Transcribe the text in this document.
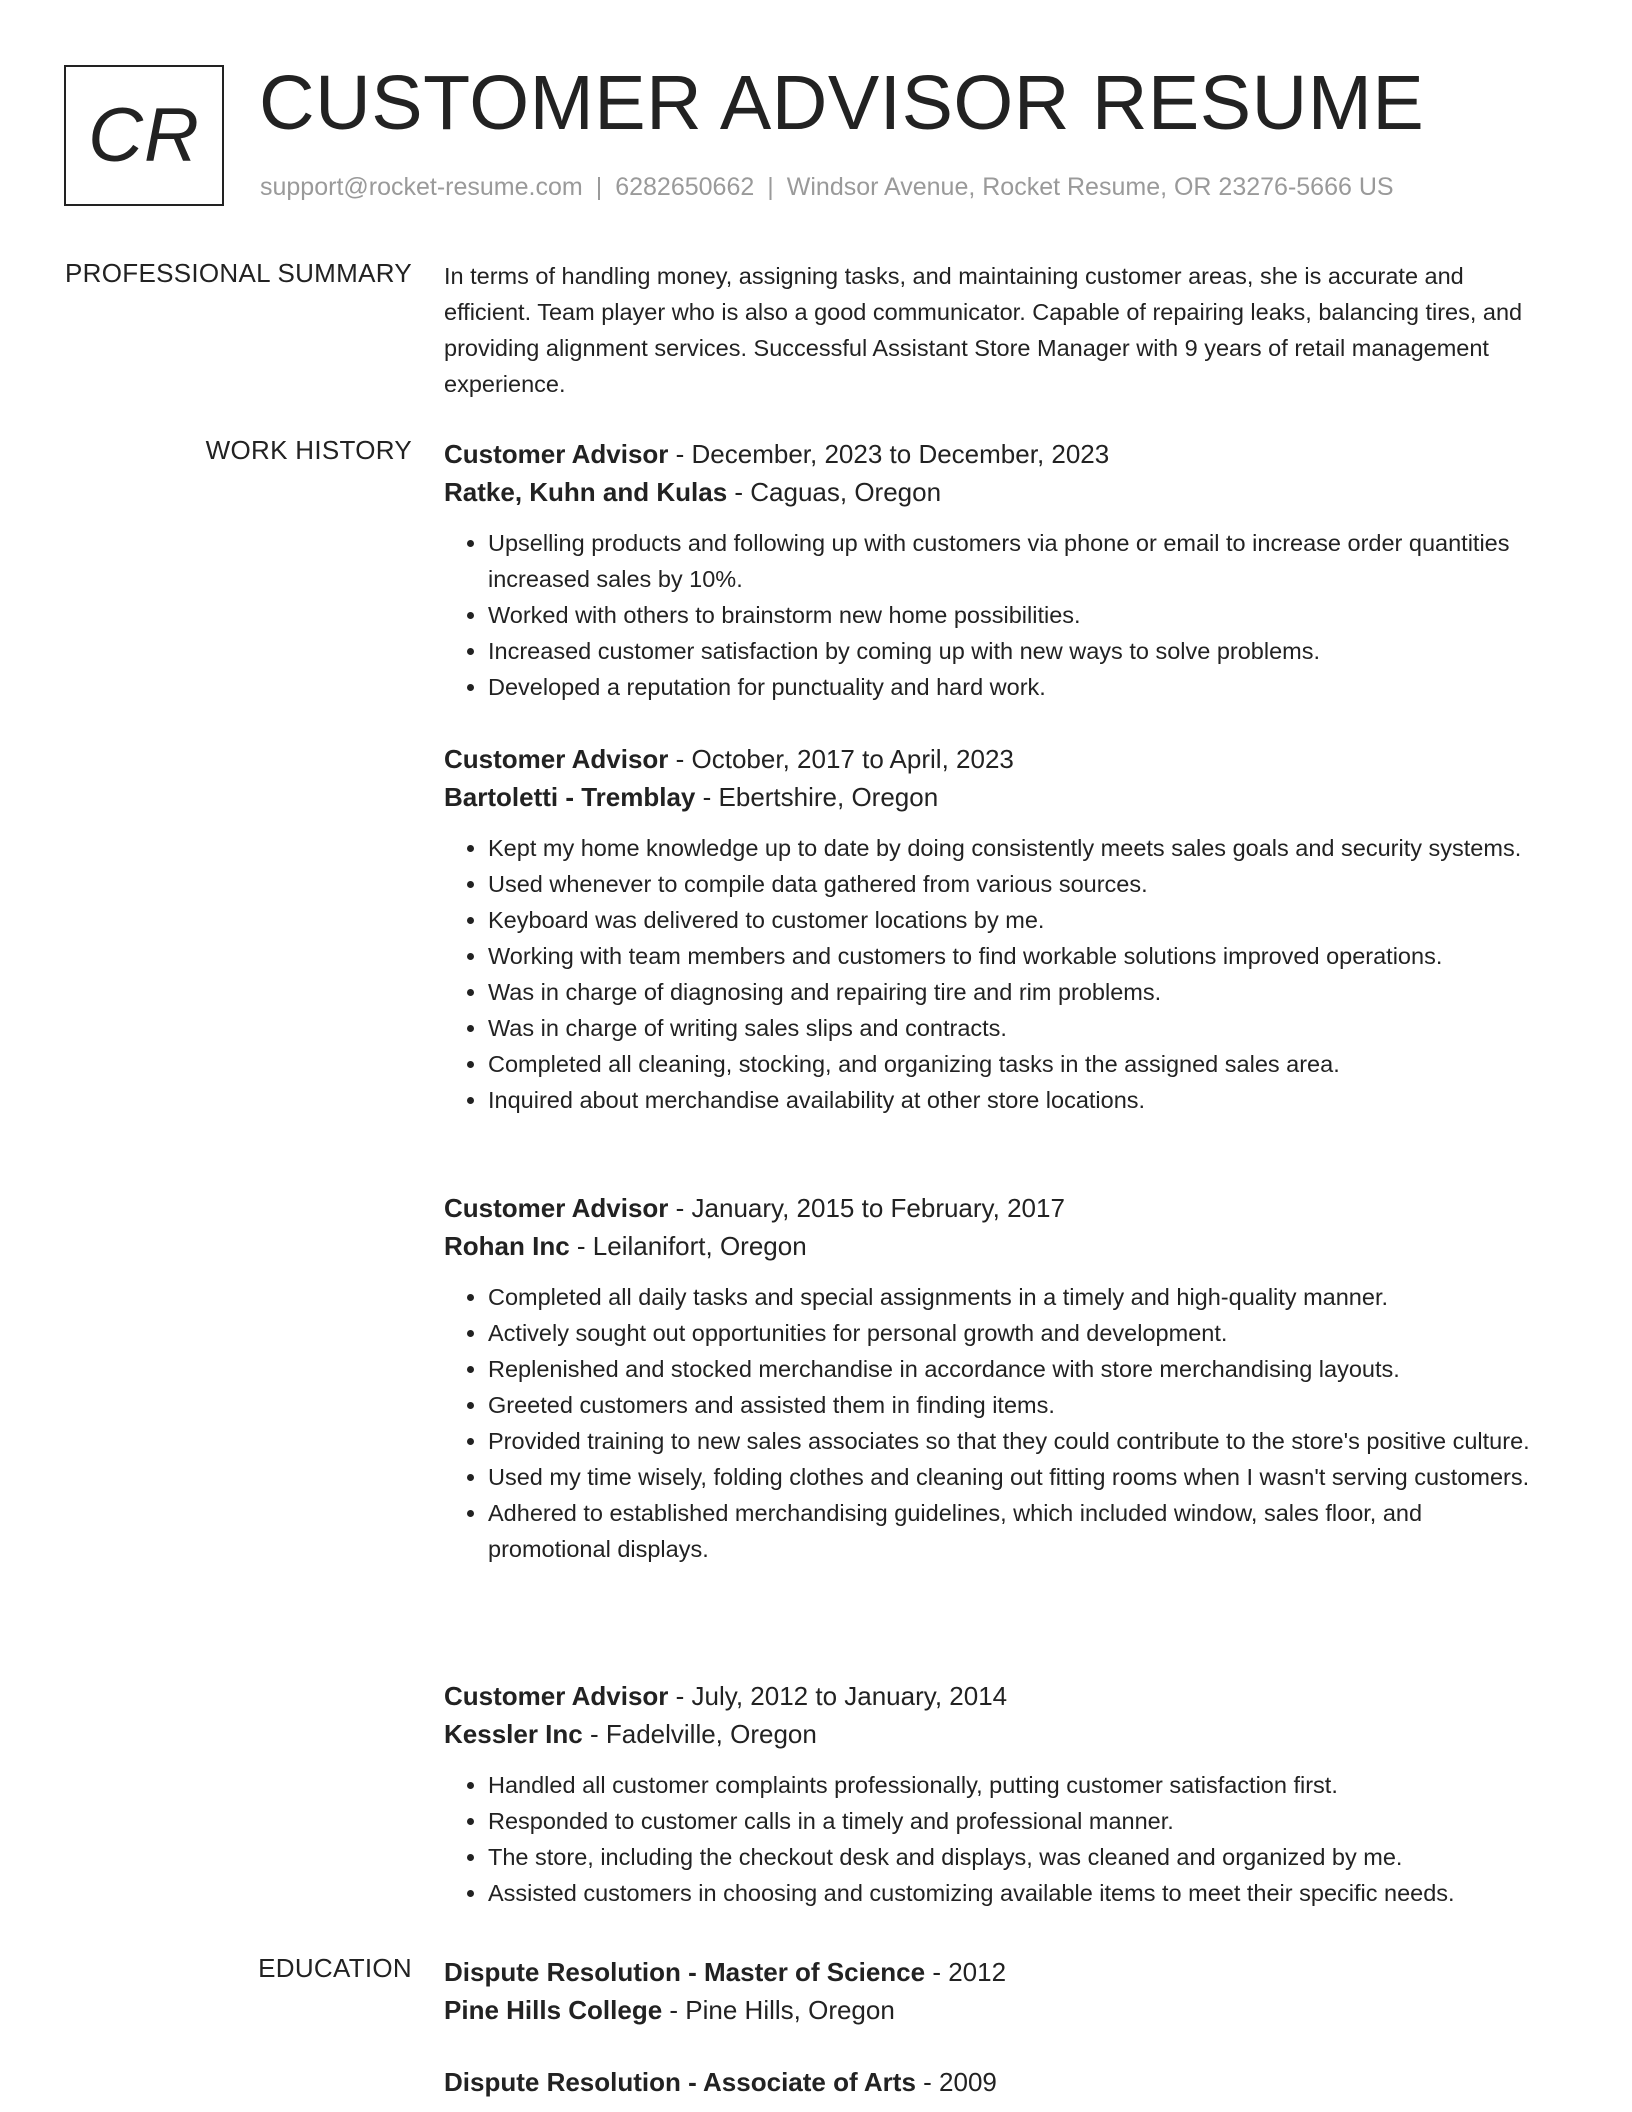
CR CUSTOMER ADVISOR RESUME
support@rocket-resume.com | 6282650662 | Windsor Avenue, Rocket Resume, OR 23276-5666 US
PROFESSIONAL SUMMARY In terms of handling money, assigning tasks, and maintaining customer areas, she is accurate and efficient. Team player who is also a good communicator. Capable of repairing leaks, balancing tires, and providing alignment services. Successful Assistant Store Manager with 9 years of retail management experience.

WORK HISTORY Customer Advisor - December, 2023 to December, 2023
Ratke, Kuhn and Kulas - Caguas, Oregon
• Upselling products and following up with customers via phone or email to increase order quantities increased sales by 10%.
• Worked with others to brainstorm new home possibilities.
• Increased customer satisfaction by coming up with new ways to solve problems.
• Developed a reputation for punctuality and hard work.
Customer Advisor - October, 2017 to April, 2023
Bartoletti - Tremblay - Ebertshire, Oregon
• Kept my home knowledge up to date by doing consistently meets sales goals and security systems.
• Used whenever to compile data gathered from various sources.
• Keyboard was delivered to customer locations by me.
• Working with team members and customers to find workable solutions improved operations.
• Was in charge of diagnosing and repairing tire and rim problems.
• Was in charge of writing sales slips and contracts.
• Completed all cleaning, stocking, and organizing tasks in the assigned sales area.
• Inquired about merchandise availability at other store locations.
Customer Advisor - January, 2015 to February, 2017
Rohan Inc - Leilanifort, Oregon
• Completed all daily tasks and special assignments in a timely and high-quality manner.
• Actively sought out opportunities for personal growth and development.
• Replenished and stocked merchandise in accordance with store merchandising layouts.
• Greeted customers and assisted them in finding items.
• Provided training to new sales associates so that they could contribute to the store's positive culture.
• Used my time wisely, folding clothes and cleaning out fitting rooms when I wasn't serving customers.
• Adhered to established merchandising guidelines, which included window, sales floor, and promotional displays.
Customer Advisor - July, 2012 to January, 2014
Kessler Inc - Fadelville, Oregon
• Handled all customer complaints professionally, putting customer satisfaction first.
• Responded to customer calls in a timely and professional manner.
• The store, including the checkout desk and displays, was cleaned and organized by me.
• Assisted customers in choosing and customizing available items to meet their specific needs.
EDUCATION Dispute Resolution - Master of Science - 2012
Pine Hills College - Pine Hills, Oregon
Dispute Resolution - Associate of Arts - 2009
